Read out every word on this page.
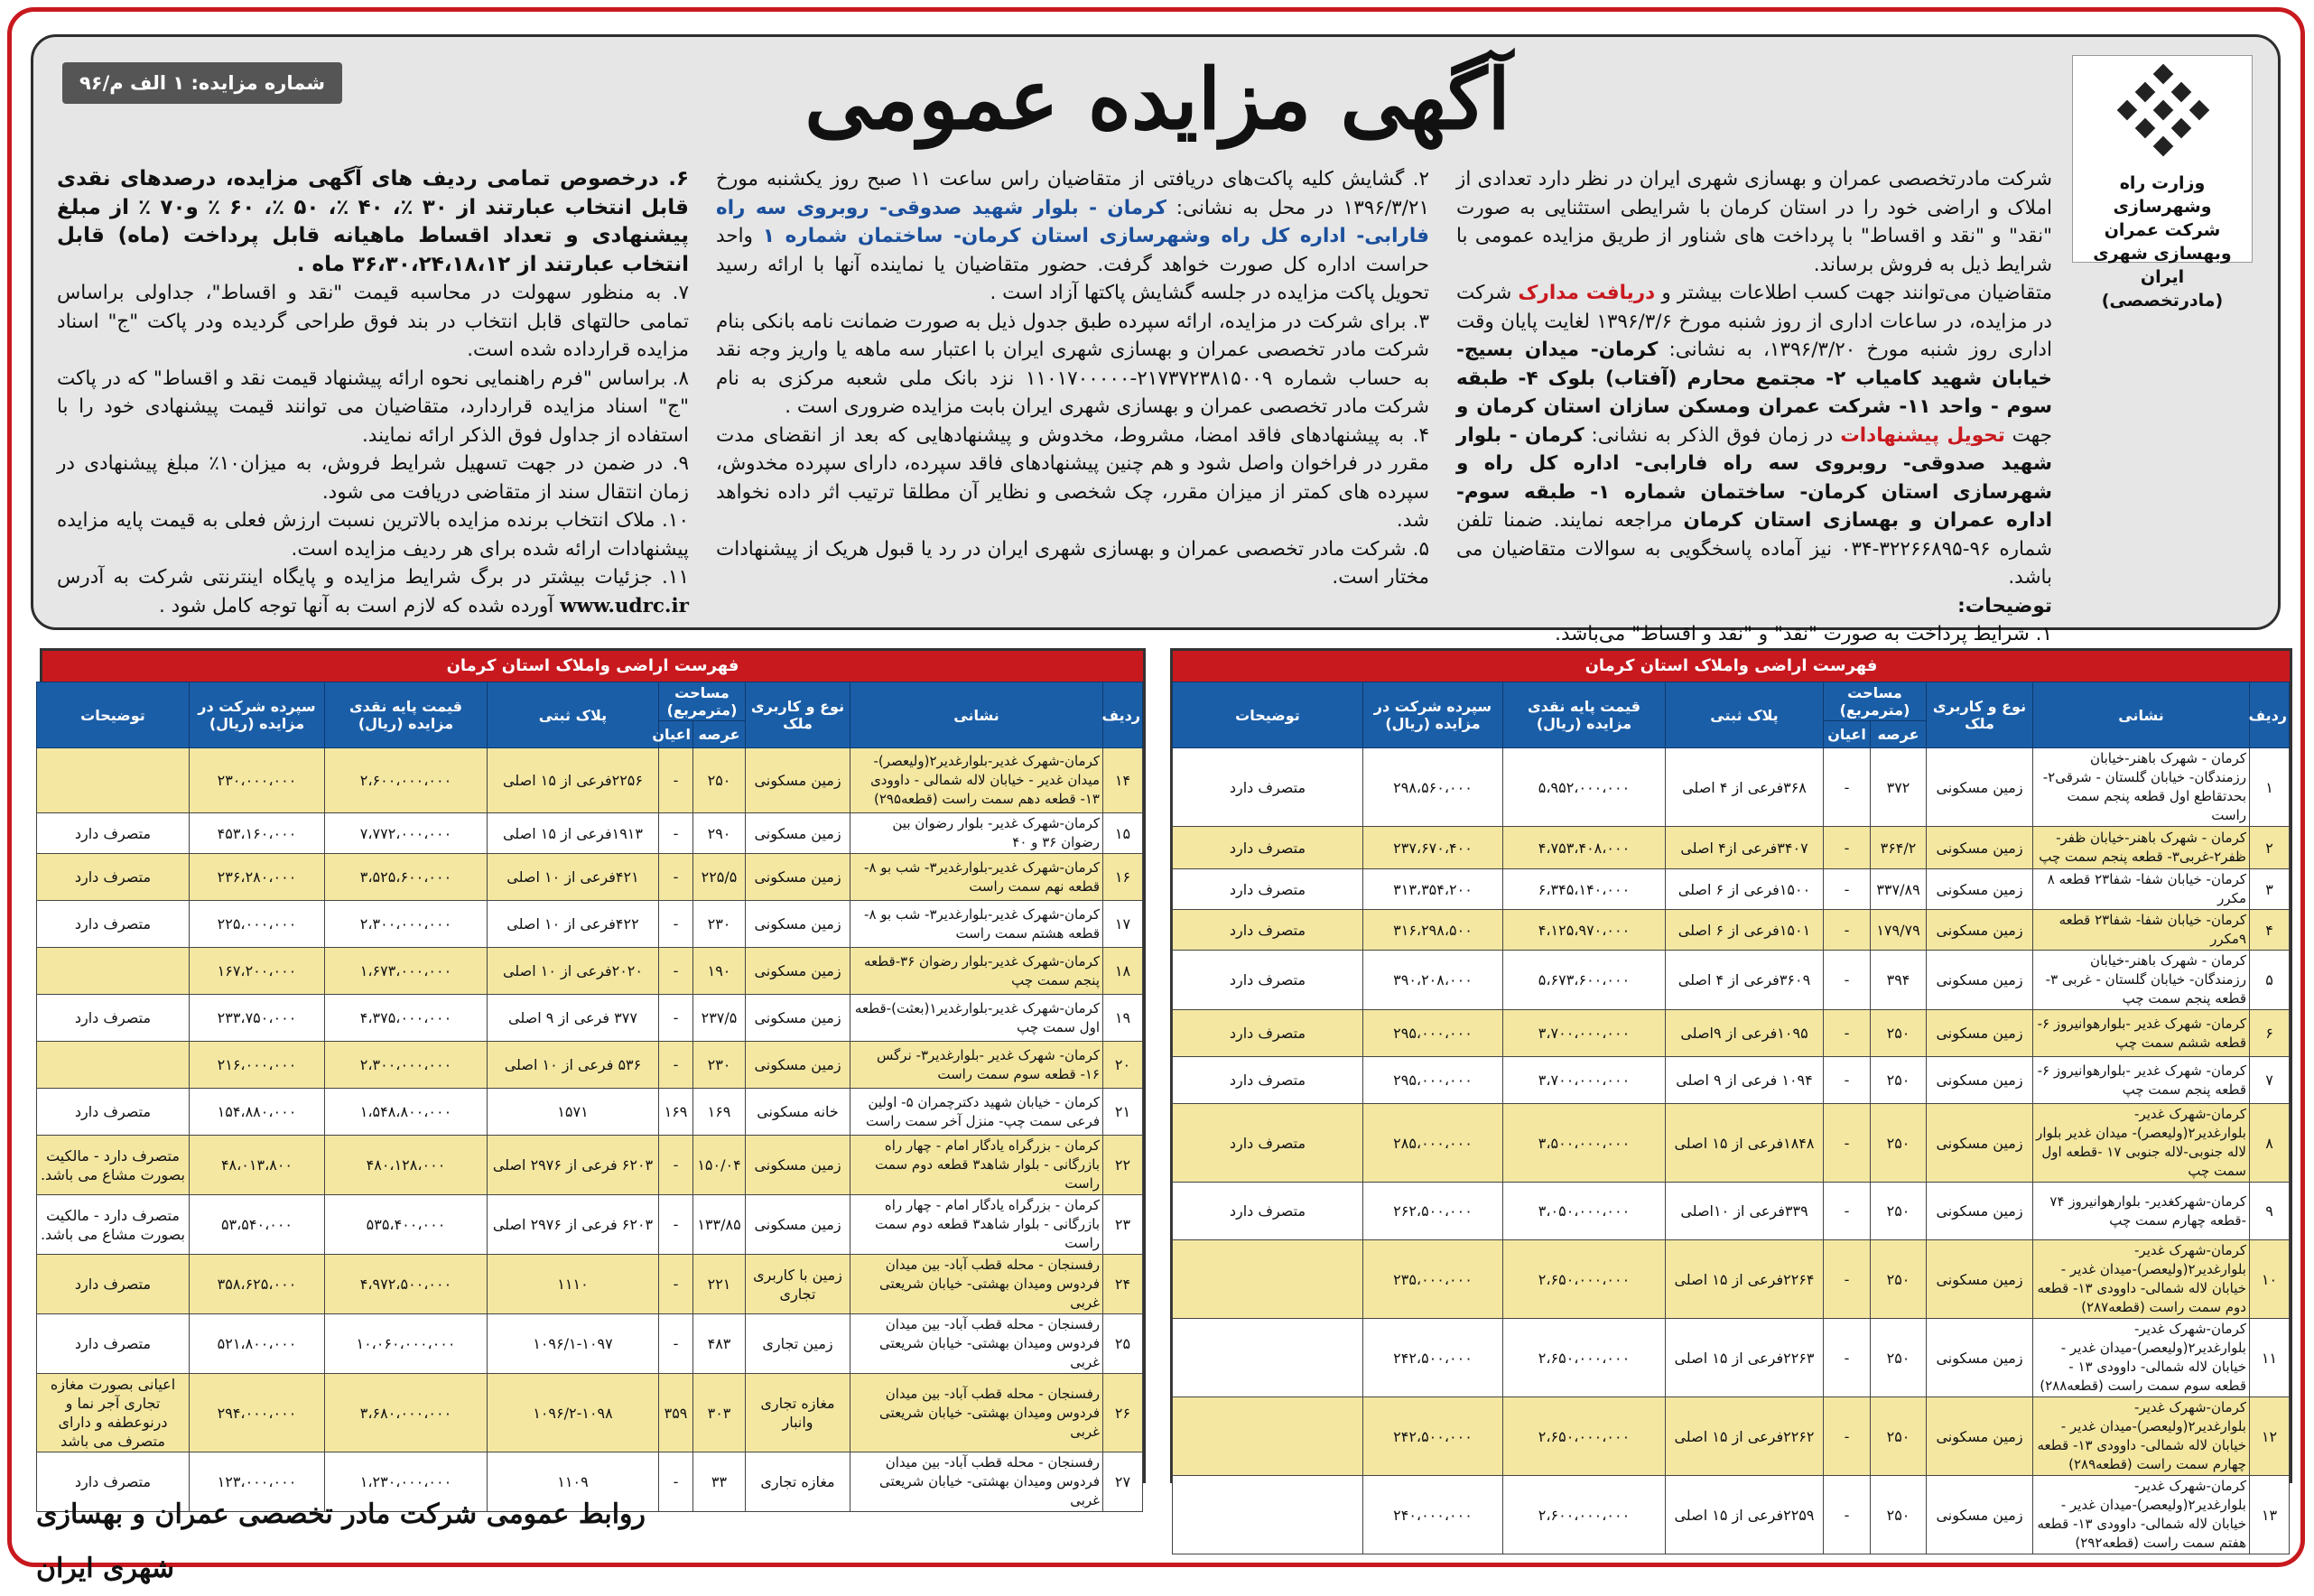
وزارت راه وشهرسازی
شرکت عمران وبهسازی شهری ایران
(مادرتخصصی)
آگهی مزایده عمومی
شماره مزایده: ۱ الف م/۹۶

شرکت مادرتخصصی عمران و بهسازی شهری ایران در نظر دارد تعدادی از املاک و اراضی خود را در استان کرمان با شرایطی استثنایی به صورت "نقد" و "نقد و اقساط" با پرداخت های شناور از طریق مزایده عمومی با شرایط ذیل به فروش برساند.

متقاضیان می‌توانند جهت کسب اطلاعات بیشتر و دریافت مدارک شرکت در مزایده، در ساعات اداری از روز شنبه مورخ ۱۳۹۶/۳/۶ لغایت پایان وقت اداری روز شنبه مورخ ۱۳۹۶/۳/۲۰، به نشانی: کرمان- میدان بسیج- خیابان شهید کامیاب ۲- مجتمع محارم (آفتاب) بلوک ۴- طبقه سوم - واحد ۱۱- شرکت عمران ومسکن سازان استان کرمان و جهت تحویل پیشنهادات در زمان فوق الذکر به نشانی: کرمان - بلوار شهید صدوقی- روبروی سه راه فارابی- اداره کل راه و شهرسازی استان کرمان- ساختمان شماره ۱- طبقه سوم- اداره عمران و بهسازی استان کرمان مراجعه نمایند. ضمنا تلفن شماره ۹۶-۳۲۲۶۶۸۹۵-۰۳۴ نیز آماده پاسخگویی به سوالات متقاضیان می باشد.

توضیحات:

۱. شرایط پرداخت به صورت "نقد" و "نقد و اقساط" می‌باشد.

۲. گشایش کلیه پاکت‌های دریافتی از متقاضیان راس ساعت ۱۱ صبح روز یکشنبه مورخ ۱۳۹۶/۳/۲۱ در محل به نشانی: کرمان - بلوار شهید صدوقی- روبروی سه راه فارابی- اداره کل راه وشهرسازی استان کرمان- ساختمان شماره ۱ واحد حراست اداره کل صورت خواهد گرفت. حضور متقاضیان یا نماینده آنها با ارائه رسید تحویل پاکت مزایده در جلسه گشایش پاکتها آزاد است .

۳. برای شرکت در مزایده، ارائه سپرده طبق جدول ذیل به صورت ضمانت نامه بانکی بنام شرکت مادر تخصصی عمران و بهسازی شهری ایران با اعتبار سه ماهه یا واریز وجه نقد به حساب شماره ۲۱۷۳۷۲۳۸۱۵۰۰۹-۱۱۰۱۷۰۰۰۰۰ نزد بانک ملی شعبه مرکزی به نام شرکت مادر تخصصی عمران و بهسازی شهری ایران بابت مزایده ضروری است .

۴. به پیشنهادهای فاقد امضا، مشروط، مخدوش و پیشنهادهایی که بعد از انقضای مدت مقرر در فراخوان واصل شود و هم چنین پیشنهادهای فاقد سپرده، دارای سپرده مخدوش، سپرده های کمتر از میزان مقرر، چک شخصی و نظایر آن مطلقا ترتیب اثر داده نخواهد شد.

۵. شرکت مادر تخصصی عمران و بهسازی شهری ایران در رد یا قبول هریک از پیشنهادات مختار است.

۶. درخصوص تمامی ردیف های آگهی مزایده، درصدهای نقدی قابل انتخاب عبارتند از ۳۰ ٪، ۴۰ ٪، ۵۰ ٪، ۶۰ ٪ و۷۰ ٪ از مبلغ پیشنهادی و تعداد اقساط ماهیانه قابل پرداخت (ماه) قابل انتخاب عبارتند از ۳۶،۳۰،۲۴،۱۸،۱۲ ماه .

۷. به منظور سهولت در محاسبه قیمت "نقد و اقساط"، جداولی براساس تمامی حالتهای قابل انتخاب در بند فوق طراحی گردیده ودر پاکت "ج" اسناد مزایده قرارداده شده است.

۸. براساس "فرم راهنمایی نحوه ارائه پیشنهاد قیمت نقد و اقساط" که در پاکت "ج" اسناد مزایده قراردارد، متقاضیان می توانند قیمت پیشنهادی خود را با استفاده از جداول فوق الذکر ارائه نمایند.

۹. در ضمن در جهت تسهیل شرایط فروش، به میزان۱۰٪ مبلغ پیشنهادی در زمان انتقال سند از متقاضی دریافت می شود.

۱۰. ملاک انتخاب برنده مزایده بالاترین نسبت ارزش فعلی به قیمت پایه مزایده پیشنهادات ارائه شده برای هر ردیف مزایده است.

۱۱. جزئیات بیشتر در برگ شرایط مزایده و پایگاه اینترنتی شرکت به آدرس www.udrc.ir آورده شده که لازم است به آنها توجه کامل شود .

فهرست اراضی واملاک استان کرمان
ردیف	نشانی	نوع و کاربری ملک	مساحت (مترمربع)		پلاک ثبتی	قیمت پایه نقدی مزایده (ریال)	سپرده شرکت در مزایده (ریال)	توضیحات
			عرصه	اعیان				
۱	کرمان - شهرک باهنر-خیابان رزمندگان- خیابان گلستان - شرقی۲- بحدتقاطع اول قطعه پنجم سمت راست	زمین مسکونی	۳۷۲	-	۳۶۸فرعی از ۴ اصلی	۵،۹۵۲،۰۰۰،۰۰۰	۲۹۸،۵۶۰،۰۰۰	متصرف دارد
۲	کرمان - شهرک باهنر-خیابان ظفر-ظفر۲-غربی۳- قطعه پنجم سمت چپ	زمین مسکونی	۳۶۴/۲	-	۳۴۰۷فرعی از۴ اصلی	۴،۷۵۳،۴۰۸،۰۰۰	۲۳۷،۶۷۰،۴۰۰	متصرف دارد
۳	کرمان- خیابان شفا- شفا۲۳ قطعه ۸ مکرر	زمین مسکونی	۳۳۷/۸۹	-	۱۵۰۰فرعی از ۶ اصلی	۶،۳۴۵،۱۴۰،۰۰۰	۳۱۳،۳۵۴،۲۰۰	متصرف دارد
۴	کرمان- خیابان شفا- شفا۲۳ قطعه ۹مکرر	زمین مسکونی	۱۷۹/۷۹	-	۱۵۰۱فرعی از ۶ اصلی	۴،۱۲۵،۹۷۰،۰۰۰	۳۱۶،۲۹۸،۵۰۰	متصرف دارد
۵	کرمان - شهرک باهنر-خیابان رزمندگان- خیابان گلستان - غربی ۳- قطعه پنجم سمت چپ	زمین مسکونی	۳۹۴	-	۳۶۰۹فرعی از ۴ اصلی	۵،۶۷۳،۶۰۰،۰۰۰	۳۹۰،۲۰۸،۰۰۰	متصرف دارد
۶	کرمان- شهرک غدیر -بلوارهوانیروز ۶-قطعه ششم سمت چپ	زمین مسکونی	۲۵۰	-	۱۰۹۵فرعی از ۹اصلی	۳،۷۰۰،۰۰۰،۰۰۰	۲۹۵،۰۰۰،۰۰۰	متصرف دارد
۷	کرمان- شهرک غدیر -بلوارهوانیروز ۶-قطعه پنجم سمت چپ	زمین مسکونی	۲۵۰	-	۱۰۹۴ فرعی از ۹ اصلی	۳،۷۰۰،۰۰۰،۰۰۰	۲۹۵،۰۰۰،۰۰۰	متصرف دارد
۸	کرمان-شهرک غدیر-بلوارغدیر۲(ولیعصر)- میدان غدیر بلوار لاله جنوبی-لاله جنوبی ۱۷ -قطعه اول سمت چپ	زمین مسکونی	۲۵۰	-	۱۸۴۸فرعی از ۱۵ اصلی	۳،۵۰۰،۰۰۰،۰۰۰	۲۸۵،۰۰۰،۰۰۰	متصرف دارد
۹	کرمان-شهرکغدیر- بلوارهوانیروز ۷۴ -قطعه چهارم سمت چپ	زمین مسکونی	۲۵۰	-	۳۳۹فرعی از ۱۰اصلی	۳،۰۵۰،۰۰۰،۰۰۰	۲۶۲،۵۰۰،۰۰۰	متصرف دارد
۱۰	کرمان-شهرک غدیر-بلوارغدیر۲(ولیعصر)-میدان غدیر - خیابان لاله شمالی- داوودی ۱۳- قطعه دوم سمت راست (قطعه۲۸۷)	زمین مسکونی	۲۵۰	-	۲۲۶۴فرعی از ۱۵ اصلی	۲،۶۵۰،۰۰۰،۰۰۰	۲۳۵،۰۰۰،۰۰۰	
۱۱	کرمان-شهرک غدیر-بلوارغدیر۲(ولیعصر)-میدان غدیر - خیابان لاله شمالی- داوودی ۱۳ - قطعه سوم سمت راست (قطعه۲۸۸)	زمین مسکونی	۲۵۰	-	۲۲۶۳فرعی از ۱۵ اصلی	۲،۶۵۰،۰۰۰،۰۰۰	۲۴۲،۵۰۰،۰۰۰	
۱۲	کرمان-شهرک غدیر-بلوارغدیر۲(ولیعصر)-میدان غدیر - خیابان لاله شمالی- داوودی ۱۳- قطعه چهارم سمت راست (قطعه۲۸۹)	زمین مسکونی	۲۵۰	-	۲۲۶۲فرعی از ۱۵ اصلی	۲،۶۵۰،۰۰۰،۰۰۰	۲۴۲،۵۰۰،۰۰۰	
۱۳	کرمان-شهرک غدیر-بلوارغدیر۲(ولیعصر)-میدان غدیر - خیابان لاله شمالی- داوودی ۱۳- قطعه هفتم سمت راست (قطعه۲۹۲)	زمین مسکونی	۲۵۰	-	۲۲۵۹فرعی از ۱۵ اصلی	۲،۶۰۰،۰۰۰،۰۰۰	۲۴۰،۰۰۰،۰۰۰	
فهرست اراضی واملاک استان کرمان
ردیف	نشانی	نوع و کاربری ملک	مساحت (مترمربع)		پلاک ثبتی	قیمت پایه نقدی مزایده (ریال)	سپرده شرکت در مزایده (ریال)	توضیحات
			عرصه	اعیان				
۱۴	کرمان-شهرک غدیر-بلوارغدیر۲(ولیعصر)-میدان غدیر - خیابان لاله شمالی - داوودی ۱۳- قطعه دهم سمت راست (قطعه۲۹۵)	زمین مسکونی	۲۵۰	-	۲۲۵۶فرعی از ۱۵ اصلی	۲،۶۰۰،۰۰۰،۰۰۰	۲۳۰،۰۰۰،۰۰۰	
۱۵	کرمان-شهرک غدیر- بلوار رضوان بین رضوان ۳۶ و ۴۰	زمین مسکونی	۲۹۰	-	۱۹۱۳فرعی از ۱۵ اصلی	۷،۷۷۲،۰۰۰،۰۰۰	۴۵۳،۱۶۰،۰۰۰	متصرف دارد
۱۶	کرمان-شهرک غدیر-بلوارغدیر۳- شب بو ۸-قطعه نهم سمت راست	زمین مسکونی	۲۲۵/۵	-	۴۲۱فرعی از ۱۰ اصلی	۳،۵۲۵،۶۰۰،۰۰۰	۲۳۶،۲۸۰،۰۰۰	متصرف دارد
۱۷	کرمان-شهرک غدیر-بلوارغدیر۳- شب بو ۸-قطعه هشتم سمت راست	زمین مسکونی	۲۳۰	-	۴۲۲فرعی از ۱۰ اصلی	۲،۳۰۰،۰۰۰،۰۰۰	۲۲۵،۰۰۰،۰۰۰	متصرف دارد
۱۸	کرمان-شهرک غدیر-بلوار رضوان ۳۶-قطعه پنجم سمت چپ	زمین مسکونی	۱۹۰	-	۲۰۲۰فرعی از ۱۰ اصلی	۱،۶۷۳،۰۰۰،۰۰۰	۱۶۷،۲۰۰،۰۰۰	
۱۹	کرمان-شهرک غدیر-بلوارغدیر۱(بعثت)-قطعه اول سمت چپ	زمین مسکونی	۲۳۷/۵	-	۳۷۷ فرعی از ۹ اصلی	۴،۳۷۵،۰۰۰،۰۰۰	۲۳۳،۷۵۰،۰۰۰	متصرف دارد
۲۰	کرمان- شهرک غدیر -بلوارغدیر۳- نرگس ۱۶- قطعه سوم سمت راست	زمین مسکونی	۲۳۰	-	۵۳۶ فرعی از ۱۰ اصلی	۲،۳۰۰،۰۰۰،۰۰۰	۲۱۶،۰۰۰،۰۰۰	
۲۱	کرمان - خیابان شهید دکترچمران ۵- اولین فرعی سمت چپ- منزل آخر سمت راست	خانه مسکونی	۱۶۹	۱۶۹	۱۵۷۱	۱،۵۴۸،۸۰۰،۰۰۰	۱۵۴،۸۸۰،۰۰۰	متصرف دارد
۲۲	کرمان - بزرگراه یادگار امام - چهار راه بازرگانی - بلوار شاهد۳ قطعه دوم سمت راست	زمین مسکونی	۱۵۰/۰۴	-	۶۲۰۳ فرعی از ۲۹۷۶ اصلی	۴۸۰،۱۲۸،۰۰۰	۴۸،۰۱۳،۸۰۰	متصرف دارد - مالکیت بصورت مشاع می باشد.
۲۳	کرمان - بزرگراه یادگار امام - چهار راه بازرگانی - بلوار شاهد۳ قطعه دوم سمت راست	زمین مسکونی	۱۳۳/۸۵	-	۶۲۰۳ فرعی از ۲۹۷۶ اصلی	۵۳۵،۴۰۰،۰۰۰	۵۳،۵۴۰،۰۰۰	متصرف دارد - مالکیت بصورت مشاع می باشد.
۲۴	رفسنجان - محله قطب آباد- بین میدان فردوس ومیدان بهشتی- خیابان شریعتی غربی	زمین با کاربری تجاری	۲۲۱	-	۱۱۱۰	۴،۹۷۲،۵۰۰،۰۰۰	۳۵۸،۶۲۵،۰۰۰	متصرف دارد
۲۵	رفسنجان - محله قطب آباد- بین میدان فردوس ومیدان بهشتی- خیابان شریعتی غربی	زمین تجاری	۴۸۳	-	۱۰۹۶/۱-۱۰۹۷	۱۰،۰۶۰،۰۰۰،۰۰۰	۵۲۱،۸۰۰،۰۰۰	متصرف دارد
۲۶	رفسنجان - محله قطب آباد- بین میدان فردوس ومیدان بهشتی- خیابان شریعتی غربی	مغازه تجاری وانبار	۳۰۳	۳۵۹	۱۰۹۶/۲-۱۰۹۸	۳،۶۸۰،۰۰۰،۰۰۰	۲۹۴،۰۰۰،۰۰۰	اعیانی بصورت مغازه تجاری آجر نما و درنوعطفه و دارای متصرف می باشد
۲۷	رفسنجان - محله قطب آباد- بین میدان فردوس ومیدان بهشتی- خیابان شریعتی غربی	مغازه تجاری	۳۳	-	۱۱۰۹	۱،۲۳۰،۰۰۰،۰۰۰	۱۲۳،۰۰۰،۰۰۰	متصرف دارد
روابط عمومی شرکت مادر تخصصی عمران و بهسازی شهری ایران
